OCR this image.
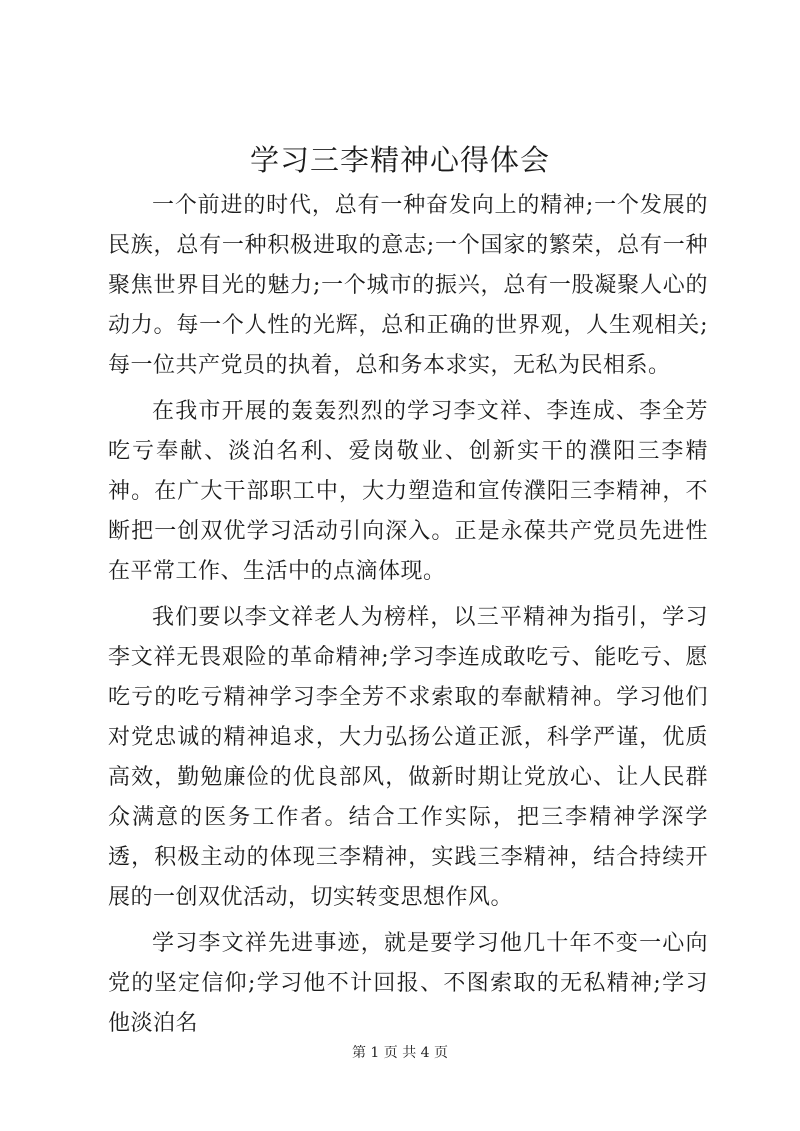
学习三李精神心得体会

一个前进的时代，总有一种奋发向上的精神;一个发展的民族，总有一种积极进取的意志;一个国家的繁荣，总有一种聚焦世界目光的魅力;一个城市的振兴，总有一股凝聚人心的动力。每一个人性的光辉，总和正确的世界观，人生观相关;每一位共产党员的执着，总和务本求实，无私为民相系。

在我市开展的轰轰烈烈的学习李文祥、李连成、李全芳吃亏奉献、淡泊名利、爱岗敬业、创新实干的濮阳三李精神。在广大干部职工中，大力塑造和宣传濮阳三李精神，不断把一创双优学习活动引向深入。正是永葆共产党员先进性在平常工作、生活中的点滴体现。

我们要以李文祥老人为榜样，以三平精神为指引，学习李文祥无畏艰险的革命精神;学习李连成敢吃亏、能吃亏、愿吃亏的吃亏精神学习李全芳不求索取的奉献精神。学习他们对党忠诚的精神追求，大力弘扬公道正派，科学严谨，优质高效，勤勉廉俭的优良部风，做新时期让党放心、让人民群众满意的医务工作者。结合工作实际，把三李精神学深学透，积极主动的体现三李精神，实践三李精神，结合持续开展的一创双优活动，切实转变思想作风。

学习李文祥先进事迹，就是要学习他几十年不变一心向党的坚定信仰;学习他不计回报、不图索取的无私精神;学习他淡泊名

第 1 页 共 4 页
